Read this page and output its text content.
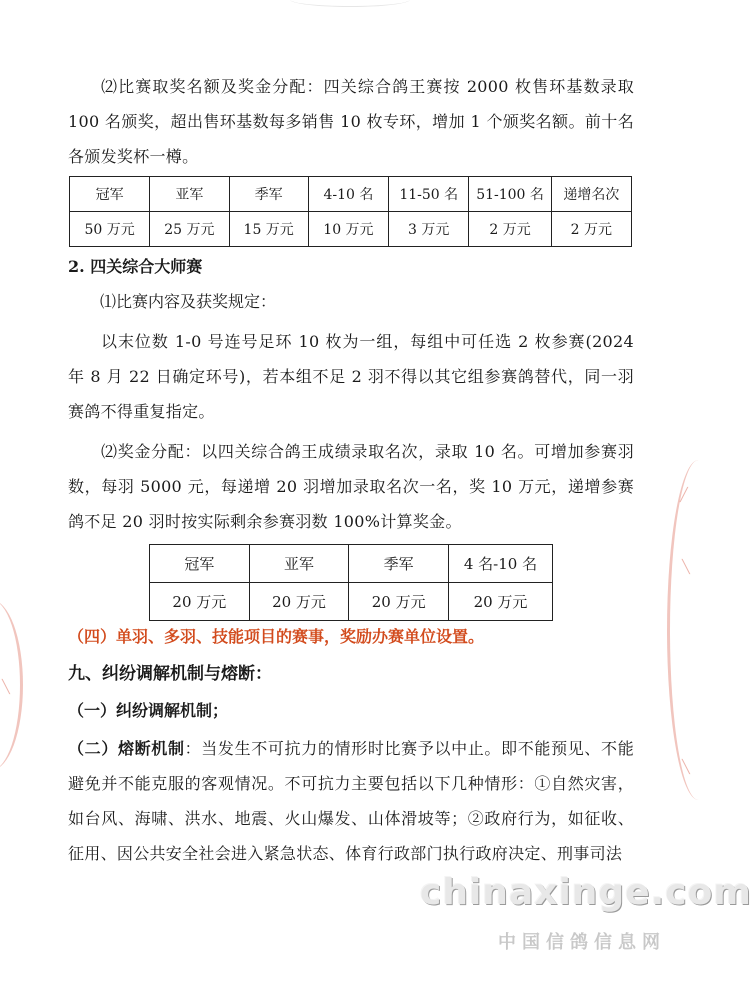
⑵比赛取奖名额及奖金分配：四关综合鸽王赛按 2000 枚售环基数录取 100 名颁奖，超出售环基数每多销售 10 枚专环，增加 1 个颁奖名额。前十名各颁发奖杯一樽。
冠军	亚军	季军	4-10 名	11-50 名	51-100 名	递增名次
50 万元	25 万元	15 万元	10 万元	3 万元	2 万元	2 万元
2. 四关综合大师赛
⑴比赛内容及获奖规定：
以末位数 1-0 号连号足环 10 枚为一组，每组中可任选 2 枚参赛(2024 年 8 月 22 日确定环号)，若本组不足 2 羽不得以其它组参赛鸽替代，同一羽赛鸽不得重复指定。
⑵奖金分配：以四关综合鸽王成绩录取名次，录取 10 名。可增加参赛羽数，每羽 5000 元，每递增 20 羽增加录取名次一名，奖 10 万元，递增参赛鸽不足 20 羽时按实际剩余参赛羽数 100%计算奖金。
冠军	亚军	季军	4 名-10 名
20 万元	20 万元	20 万元	20 万元
（四）单羽、多羽、技能项目的赛事，奖励办赛单位设置。
九、纠纷调解机制与熔断：
（一）纠纷调解机制；
（二）熔断机制：当发生不可抗力的情形时比赛予以中止。即不能预见、不能避免并不能克服的客观情况。不可抗力主要包括以下几种情形：①自然灾害，如台风、海啸、洪水、地震、火山爆发、山体滑坡等；②政府行为，如征收、征用、因公共安全社会进入紧急状态、体育行政部门执行政府决定、刑事司法
╲
╱
╲
╲
chinaxinge.com
中国信鸽信息网
